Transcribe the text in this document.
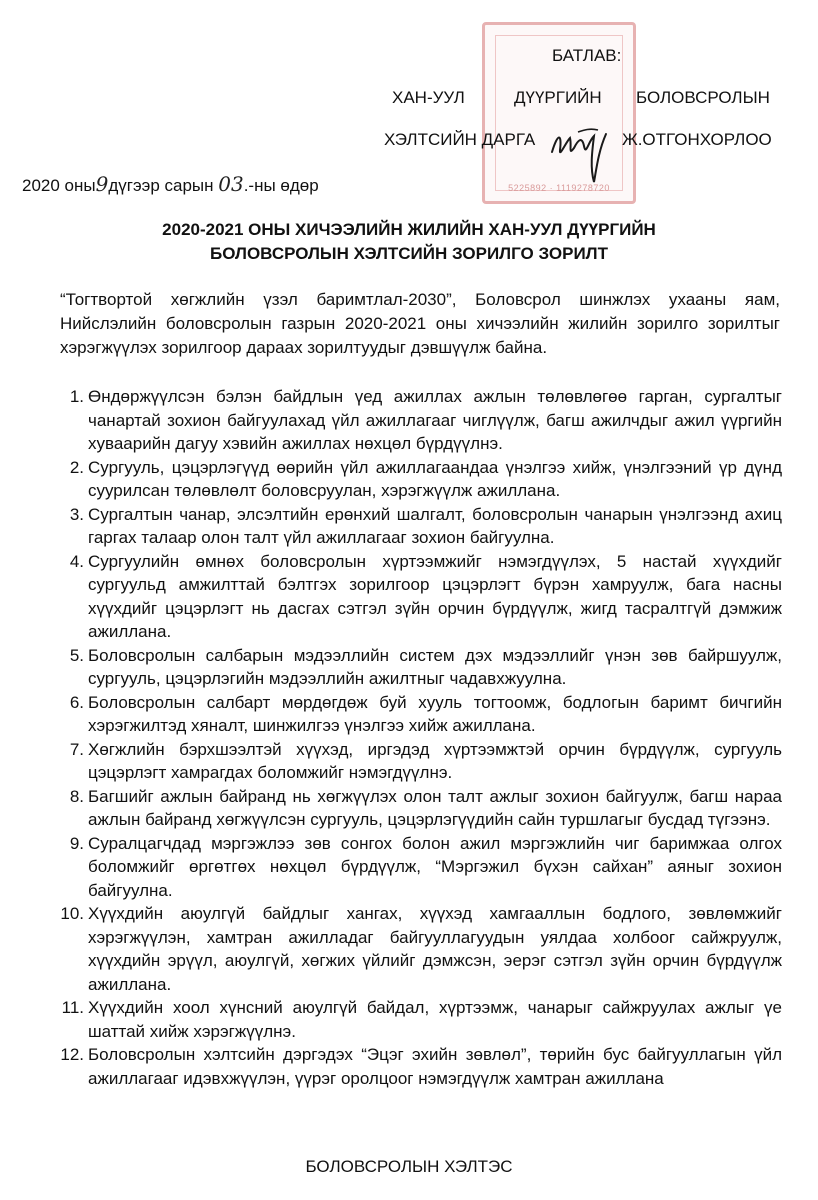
5225892 · 1119278720
БАТЛАВ:
ХАН-УУЛ	ДҮҮРГИЙН БОЛОВСРОЛЫН
ХЭЛТСИЙН ДАРГА	Ж.ОТГОНХОРЛОО
2020 оны9дүгээр сарын 03.-ны өдөр
2020-2021 ОНЫ ХИЧЭЭЛИЙН ЖИЛИЙН ХАН-УУЛ ДҮҮРГИЙН
БОЛОВСРОЛЫН ХЭЛТСИЙН ЗОРИЛГО ЗОРИЛТ
“Тогтвортой хөгжлийн үзэл баримтлал-2030”, Боловсрол шинжлэх ухааны яам, Нийслэлийн боловсролын газрын 2020-2021 оны хичээлийн жилийн зорилго зорилтыг хэрэгжүүлэх зорилгоор дараах зорилтуудыг дэвшүүлж байна.
1. Өндөржүүлсэн бэлэн байдлын үед ажиллах ажлын төлөвлөгөө гарган, сургалтыг чанартай зохион байгуулахад үйл ажиллагааг чиглүүлж, багш ажилчдыг ажил үүргийн хуваарийн дагуу хэвийн ажиллах нөхцөл бүрдүүлнэ.
2. Сургууль, цэцэрлэгүүд өөрийн үйл ажиллагаандаа үнэлгээ хийж, үнэлгээний үр дүнд суурилсан төлөвлөлт боловсруулан, хэрэгжүүлж ажиллана.
3. Сургалтын чанар, элсэлтийн ерөнхий шалгалт, боловсролын чанарын үнэлгээнд ахиц гаргах талаар олон талт үйл ажиллагааг зохион байгуулна.
4. Сургуулийн өмнөх боловсролын хүртээмжийг нэмэгдүүлэх, 5 настай хүүхдийг сургуульд амжилттай бэлтгэх зорилгоор цэцэрлэгт бүрэн хамруулж, бага насны хүүхдийг цэцэрлэгт нь дасгах сэтгэл зүйн орчин бүрдүүлж, жигд тасралтгүй дэмжиж ажиллана.
5. Боловсролын салбарын мэдээллийн систем дэх мэдээллийг үнэн зөв байршуулж, сургууль, цэцэрлэгийн мэдээллийн ажилтныг чадавхжуулна.
6. Боловсролын салбарт мөрдөгдөж буй хууль тогтоомж, бодлогын баримт бичгийн хэрэгжилтэд хяналт, шинжилгээ үнэлгээ хийж ажиллана.
7. Хөгжлийн бэрхшээлтэй хүүхэд, иргэдэд хүртээмжтэй орчин бүрдүүлж, сургууль цэцэрлэгт хамрагдах боломжийг нэмэгдүүлнэ.
8. Багшийг ажлын байранд нь хөгжүүлэх олон талт ажлыг зохион байгуулж, багш нараа ажлын байранд хөгжүүлсэн сургууль, цэцэрлэгүүдийн сайн туршлагыг бусдад түгээнэ.
9. Суралцагчдад мэргэжлээ зөв сонгох болон ажил мэргэжлийн чиг баримжаа олгох боломжийг өргөтгөх нөхцөл бүрдүүлж, “Мэргэжил бүхэн сайхан” аяныг зохион байгуулна.
10. Хүүхдийн аюулгүй байдлыг хангах, хүүхэд хамгааллын бодлого, зөвлөмжийг хэрэгжүүлэн, хамтран ажилладаг байгууллагуудын уялдаа холбоог сайжруулж, хүүхдийн эрүүл, аюулгүй, хөгжих үйлийг дэмжсэн, эерэг сэтгэл зүйн орчин бүрдүүлж ажиллана.
11. Хүүхдийн хоол хүнсний аюулгүй байдал, хүртээмж, чанарыг сайжруулах ажлыг үе шаттай хийж хэрэгжүүлнэ.
12. Боловсролын хэлтсийн дэргэдэх “Эцэг эхийн зөвлөл”, төрийн бус байгууллагын үйл ажиллагааг идэвхжүүлэн, үүрэг оролцоог нэмэгдүүлж хамтран ажиллана
БОЛОВСРОЛЫН ХЭЛТЭС
